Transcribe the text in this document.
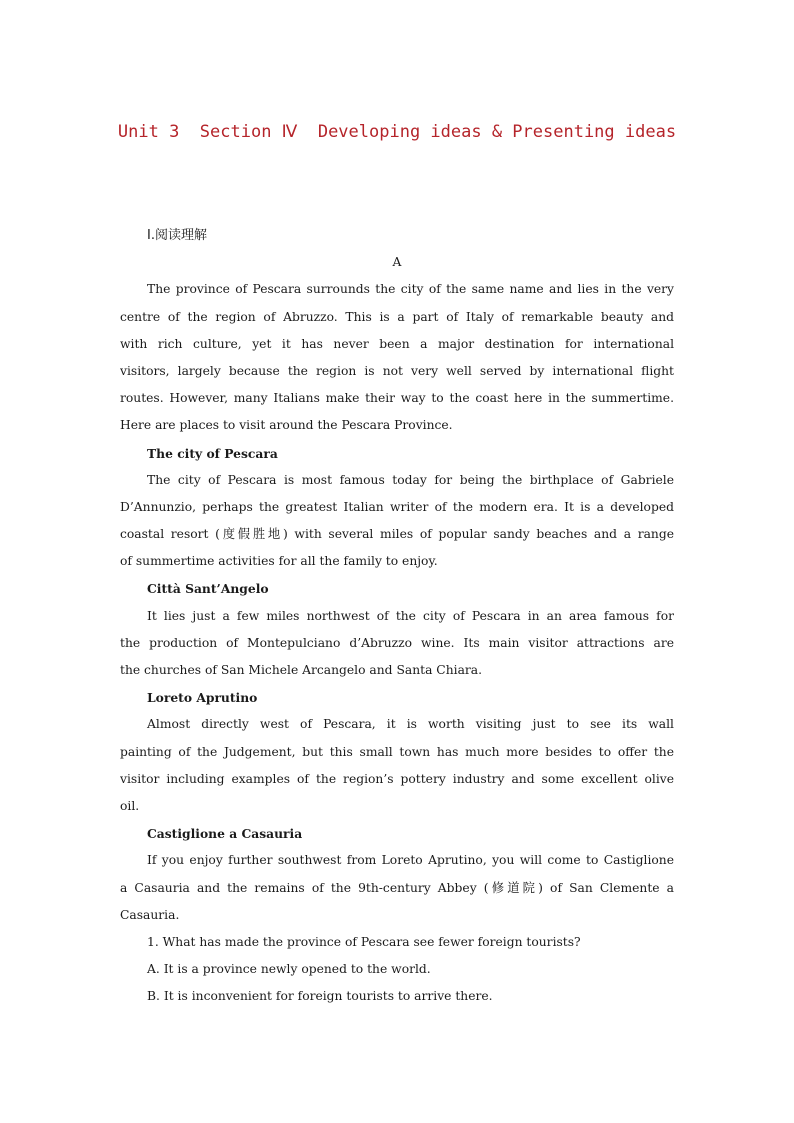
Unit 3  Section Ⅳ  Developing ideas & Presenting ideas
Ⅰ.阅读理解
A
The province of Pescara surrounds the city of the same name and lies in the very
centre of the region of Abruzzo. This is a part of Italy of remarkable beauty and
with rich culture, yet it has never been a major destination for international
visitors, largely because the region is not very well served by international flight
routes. However, many Italians make their way to the coast here in the summertime.
Here are places to visit around the Pescara Province.
The city of Pescara
The city of Pescara is most famous today for being the birthplace of Gabriele
D’Annunzio, perhaps the greatest Italian writer of the modern era. It is a developed
coastal resort (度假胜地) with several miles of popular sandy beaches and a range
of summertime activities for all the family to enjoy.
Città Sant’Angelo
It lies just a few miles northwest of the city of Pescara in an area famous for
the production of Montepulciano d’Abruzzo wine. Its main visitor attractions are
the churches of San Michele Arcangelo and Santa Chiara.
Loreto Aprutino
Almost directly west of Pescara, it is worth visiting just to see its wall
painting of the Judgement, but this small town has much more besides to offer the
visitor including examples of the region’s pottery industry and some excellent olive
oil.
Castiglione a Casauria
If you enjoy further southwest from Loreto Aprutino, you will come to Castiglione
a Casauria and the remains of the 9th-century Abbey (修道院) of San Clemente a
Casauria.
1. What has made the province of Pescara see fewer foreign tourists?
A. It is a province newly opened to the world.
B. It is inconvenient for foreign tourists to arrive there.
